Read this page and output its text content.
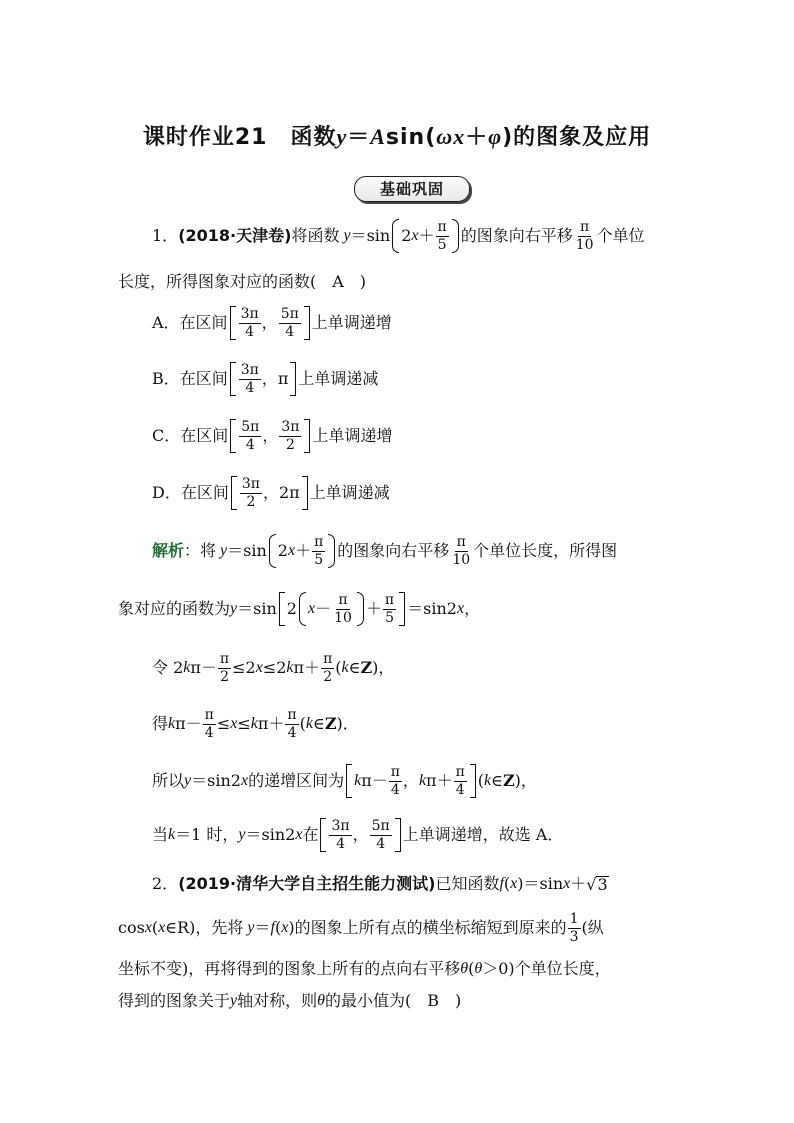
课时作业21　函数y＝Asin(ωx＋φ)的图象及应用
基础巩固
1． (2018·天津卷) 将函数 y ＝sin 2 $x + \frac{\pi}{5}$ 的图象向右平移 $\frac{\pi}{10}$ 个单位
长度，所得图象对应的函数(　A　)
A．在区间 $\frac{3\pi}{4}$ ， $\frac{5\pi}{4}$ 上单调递增
B．在区间 $\frac{3\pi}{4}$ ， π 上单调递减
C．在区间 $\frac{5\pi}{4}$ ， $\frac{3\pi}{2}$ 上单调递增
D．在区间 $\frac{3\pi}{2}$ ， 2π 上单调递减
解析 ：将 y ＝sin 2 $x + \frac{\pi}{5}$ 的图象向右平移 $\frac{\pi}{10}$ 个单位长度，所得图
象对应的函数为 y ＝sin 2 $x - \frac{\pi}{10} + \frac{\pi}{5} =\sin 2$ x ，
令 2 k $\pi- \frac{\pi}{2} \le 2$ x ≤2 k $\pi+ \frac{\pi}{2}$ ( k ∈ Z )，
得 k $\pi- \frac{\pi}{4} \le x \le k$ $\pi+ \frac{\pi}{4}$ ( k ∈ Z )．
所以 y ＝sin2 x 的递增区间为 k $\pi- \frac{\pi}{4}$ ， k $\pi+ \frac{\pi}{4}$ ( k ∈ Z )，
当 k ＝1 时， y ＝sin2 x 在 $\frac{3\pi}{4}$ ， $\frac{5\pi}{4}$ 上单调递增，故选 A．
2． (2019·清华大学自主招生能力测试) 已知函数 f ( x ) ＝sin x ＋ √ 3
cos x ( x ∈R)，先将 y ＝ f ( x ) 的图象上所有点的横坐标缩短到原来的 $\frac{1}{3}$ (纵
坐标不变)，再将得到的图象上所有的点向右平移 θ ( θ ＞0)个单位长度，
得到的图象关于 y 轴对称，则 θ 的最小值为(　B　)
